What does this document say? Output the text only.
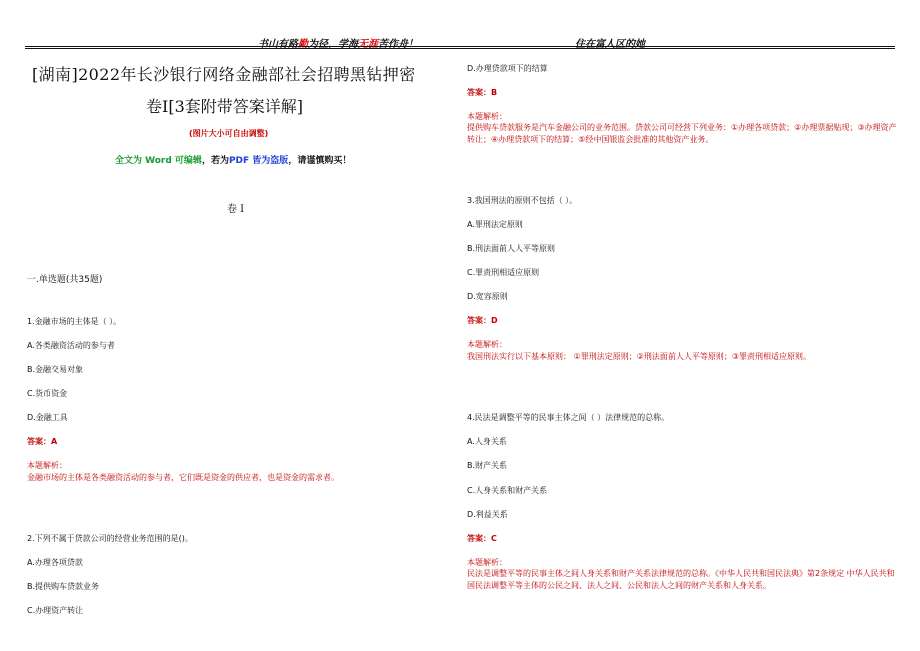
书山有路勤为径，学海无涯苦作舟！	住在富人区的她
[湖南]2022年长沙银行网络金融部社会招聘黑钻押密
卷I[3套附带答案详解]
(图片大小可自由调整)
全文为 Word 可编辑，若为PDF 皆为盗版，请谨慎购买！
卷 I
一.单选题(共35题)
1.金融市场的主体是（ ）。
A.各类融资活动的参与者
B.金融交易对象
C.货币资金
D.金融工具
答案：A
本题解析：
金融市场的主体是各类融资活动的参与者，它们既是资金的供应者，也是资金的需求者。
2.下列不属于贷款公司的经营业务范围的是()。
A.办理各项贷款
B.提供购车贷款业务
C.办理资产转让
D.办理贷款项下的结算
答案：B
本题解析：
提供购车贷款服务是汽车金融公司的业务范围。贷款公司可经营下列业务：①办理各项贷款；②办理票据贴现；③办理资产转让；④办理贷款项下的结算；⑤经中国银监会批准的其他资产业务。
3.我国刑法的原则不包括（ ）。
A.罪刑法定原则
B.刑法面前人人平等原则
C.罪责刑相适应原则
D.宽容原则
答案：D
本题解析：
我国刑法实行以下基本原则： ①罪刑法定原则；②刑法面前人人平等原则；③罪责刑相适应原则。
4.民法是调整平等的民事主体之间（ ）法律规范的总称。
A.人身关系
B.财产关系
C.人身关系和财产关系
D.利益关系
答案：C
本题解析：
民法是调整平等的民事主体之间人身关系和财产关系法律规范的总称。《中华人民共和国民法典》第2条规定 中华人民共和国民法调整平等主体的公民之间、法人之间、公民和法人之间的财产关系和人身关系。
